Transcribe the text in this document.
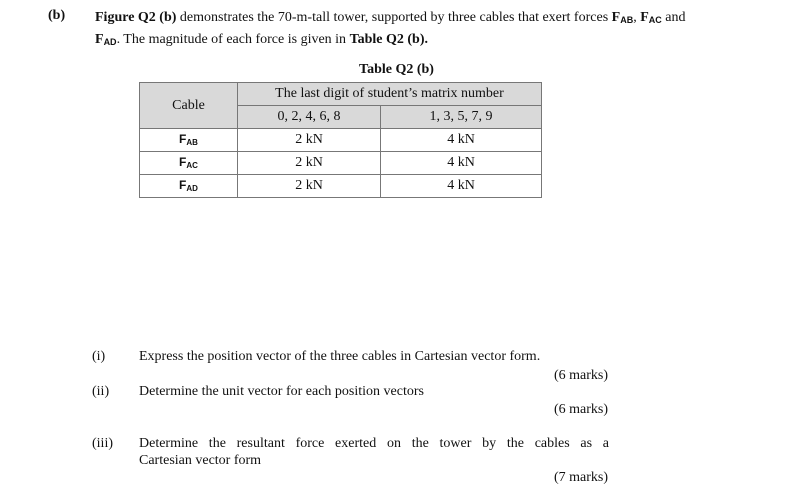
(b) Figure Q2 (b) demonstrates the 70-m-tall tower, supported by three cables that exert forces $F_{AB}$, $F_{AC}$ and $F_{AD}$. The magnitude of each force is given in Table Q2 (b).
Table Q2 (b)
Cable	The last digit of student’s matrix number	
	0, 2, 4, 6, 8	1, 3, 5, 7, 9
$F_{AB}$	2 kN	4 kN
$F_{AC}$	2 kN	4 kN
$F_{AD}$	2 kN	4 kN
(i) Express the position vector of the three cables in Cartesian vector form.
(6 marks)
(ii) Determine the unit vector for each position vectors
(6 marks)
(iii) Determine the resultant force exerted on the tower by the cables as a
Cartesian vector form
(7 marks)
